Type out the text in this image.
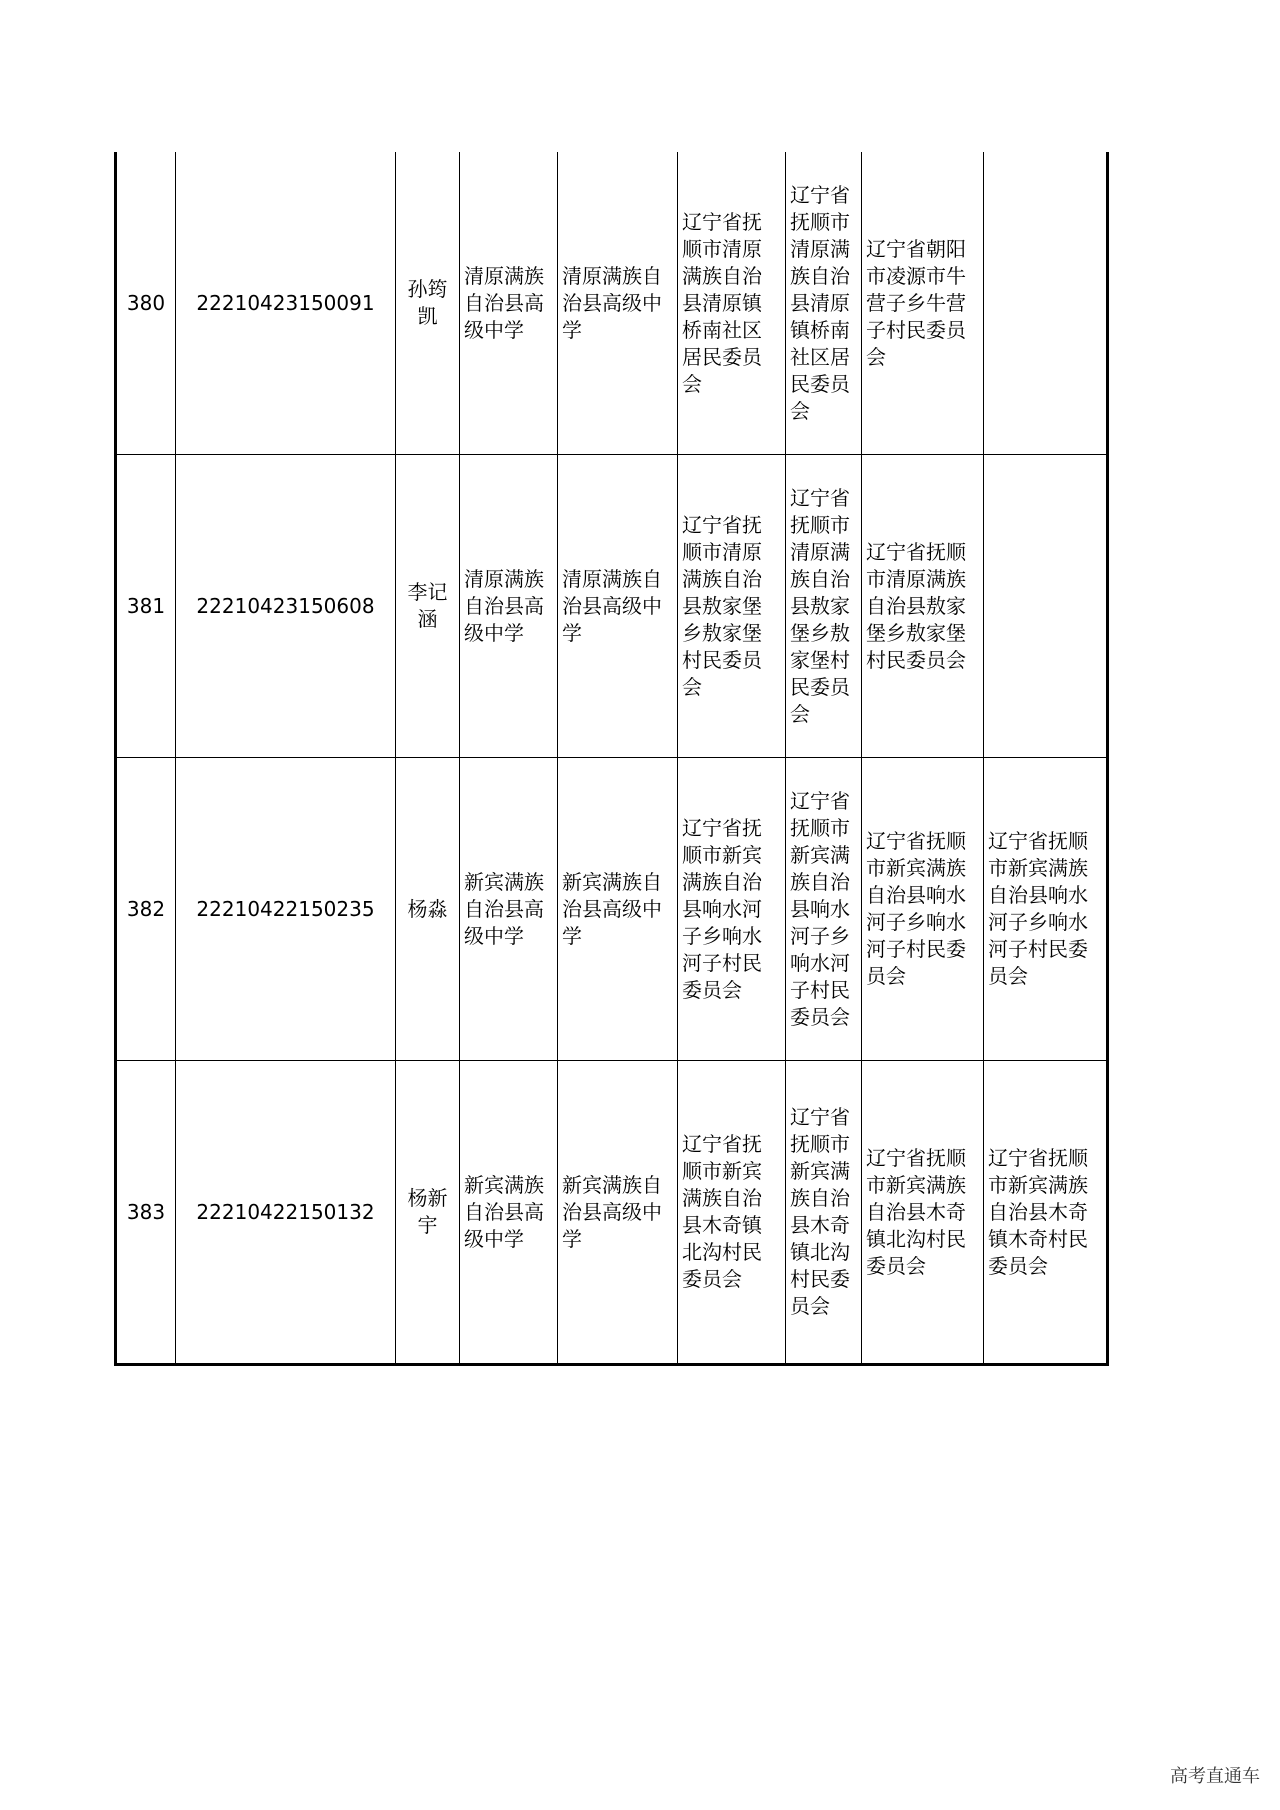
380	22210423150091	孙筠凯	清原满族自治县高级中学	清原满族自治县高级中学	辽宁省抚顺市清原满族自治县清原镇桥南社区居民委员会	辽宁省抚顺市清原满族自治县清原镇桥南社区居民委员会	辽宁省朝阳市凌源市牛营子乡牛营子村民委员会	
381	22210423150608	李记涵	清原满族自治县高级中学	清原满族自治县高级中学	辽宁省抚顺市清原满族自治县敖家堡乡敖家堡村民委员会	辽宁省抚顺市清原满族自治县敖家堡乡敖家堡村民委员会	辽宁省抚顺市清原满族自治县敖家堡乡敖家堡村民委员会	
382	22210422150235	杨淼	新宾满族自治县高级中学	新宾满族自治县高级中学	辽宁省抚顺市新宾满族自治县响水河子乡响水河子村民委员会	辽宁省抚顺市新宾满族自治县响水河子乡响水河子村民委员会	辽宁省抚顺市新宾满族自治县响水河子乡响水河子村民委员会	辽宁省抚顺市新宾满族自治县响水河子乡响水河子村民委员会
383	22210422150132	杨新宇	新宾满族自治县高级中学	新宾满族自治县高级中学	辽宁省抚顺市新宾满族自治县木奇镇北沟村民委员会	辽宁省抚顺市新宾满族自治县木奇镇北沟村民委员会	辽宁省抚顺市新宾满族自治县木奇镇北沟村民委员会	辽宁省抚顺市新宾满族自治县木奇镇木奇村民委员会
高考直通车
